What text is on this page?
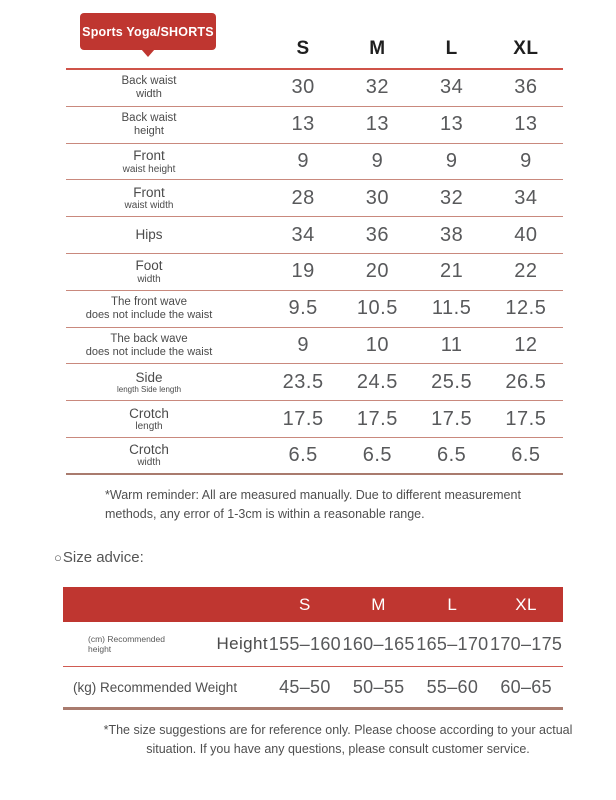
Sports Yoga/SHORTS
S	M	L	XL
Back waist
width	30	32	34	36
Back waist
height	13	13	13	13
Front
waist height	9	9	9	9
Front
waist width	28	30	32	34
Hips	34	36	38	40
Foot
width	19	20	21	22
The front wave
does not include the waist	9.5	10.5	11.5	12.5
The back wave
does not include the waist	9	10	11	12
Side
length Side length	23.5	24.5	25.5	26.5
Crotch
length	17.5	17.5	17.5	17.5
Crotch
width	6.5	6.5	6.5	6.5
*Warm reminder: All are measured manually. Due to different measurement methods, any error of 1-3cm is within a reasonable range.
○Size advice:
S	M	L	XL
(cm) Recommended height	Height 155–160 160–165 165–170 170–175
(kg) Recommended Weight	45–50	50–55	55–60	60–65
*The size suggestions are for reference only. Please choose according to your actual situation. If you have any questions, please consult customer service.
